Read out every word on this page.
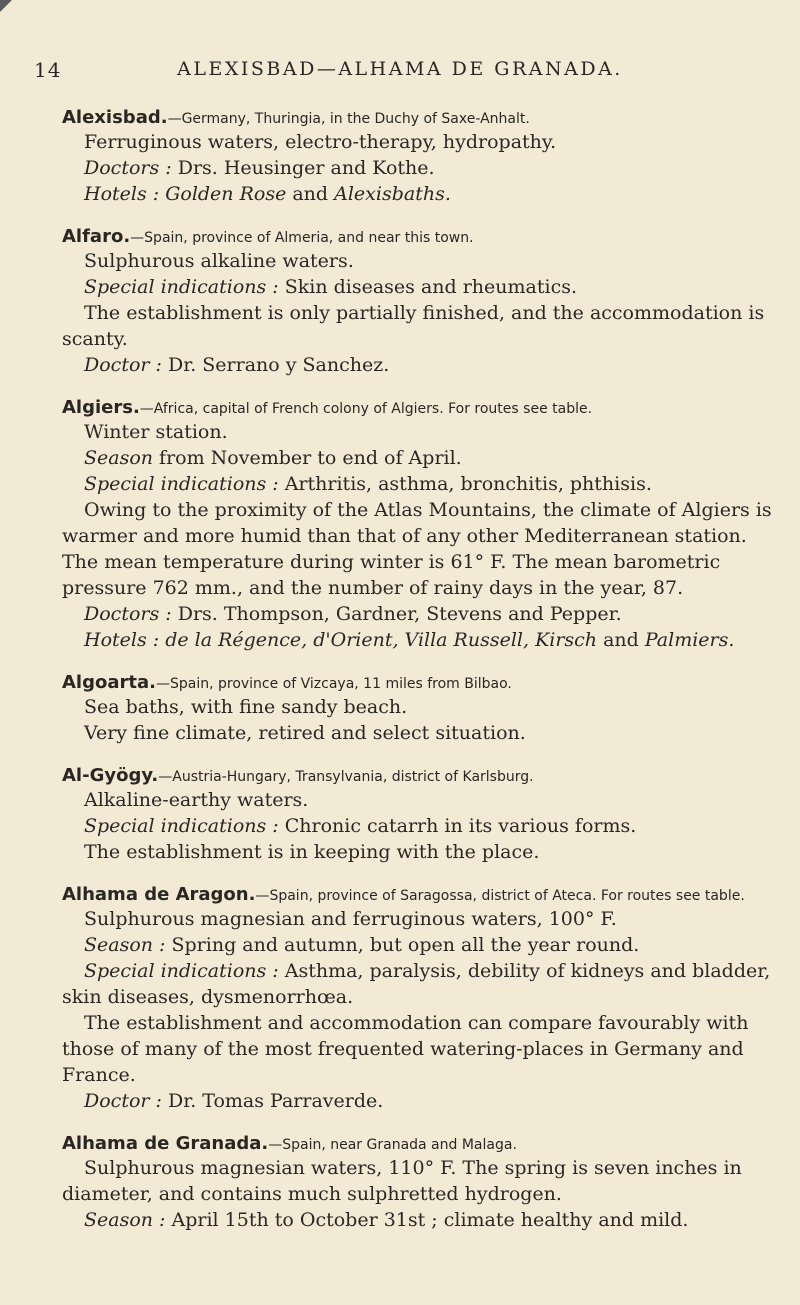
14	ALEXISBAD—ALHAMA DE GRANADA.

Alexisbad.—Germany, Thuringia, in the Duchy of Saxe-Anhalt.

Ferruginous waters, electro-therapy, hydropathy.

Doctors : Drs. Heusinger and Kothe.

Hotels : Golden Rose and Alexisbaths.

Alfaro.—Spain, province of Almeria, and near this town.

Sulphurous alkaline waters.

Special indications : Skin diseases and rheumatics.

The establishment is only partially finished, and the accommodation is scanty.

Doctor : Dr. Serrano y Sanchez.

Algiers.—Africa, capital of French colony of Algiers. For routes see table.

Winter station.

Season from November to end of April.

Special indications : Arthritis, asthma, bronchitis, phthisis.

Owing to the proximity of the Atlas Mountains, the climate of Algiers is warmer and more humid than that of any other Mediterranean station. The mean temperature during winter is 61° F. The mean barometric pressure 762 mm., and the number of rainy days in the year, 87.

Doctors : Drs. Thompson, Gardner, Stevens and Pepper.

Hotels : de la Régence, d'Orient, Villa Russell, Kirsch and Palmiers.

Algoarta.—Spain, province of Vizcaya, 11 miles from Bilbao.

Sea baths, with fine sandy beach.

Very fine climate, retired and select situation.

Al-Gyögy.—Austria-Hungary, Transylvania, district of Karlsburg.

Alkaline-earthy waters.

Special indications : Chronic catarrh in its various forms.

The establishment is in keeping with the place.

Alhama de Aragon.—Spain, province of Saragossa, district of Ateca. For routes see table.

Sulphurous magnesian and ferruginous waters, 100° F.

Season : Spring and autumn, but open all the year round.

Special indications : Asthma, paralysis, debility of kidneys and bladder, skin diseases, dysmenorrhœa.

The establishment and accommodation can compare favourably with those of many of the most frequented watering-places in Germany and France.

Doctor : Dr. Tomas Parraverde.

Alhama de Granada.—Spain, near Granada and Malaga.

Sulphurous magnesian waters, 110° F. The spring is seven inches in diameter, and contains much sulphretted hydrogen.

Season : April 15th to October 31st ; climate healthy and mild.
